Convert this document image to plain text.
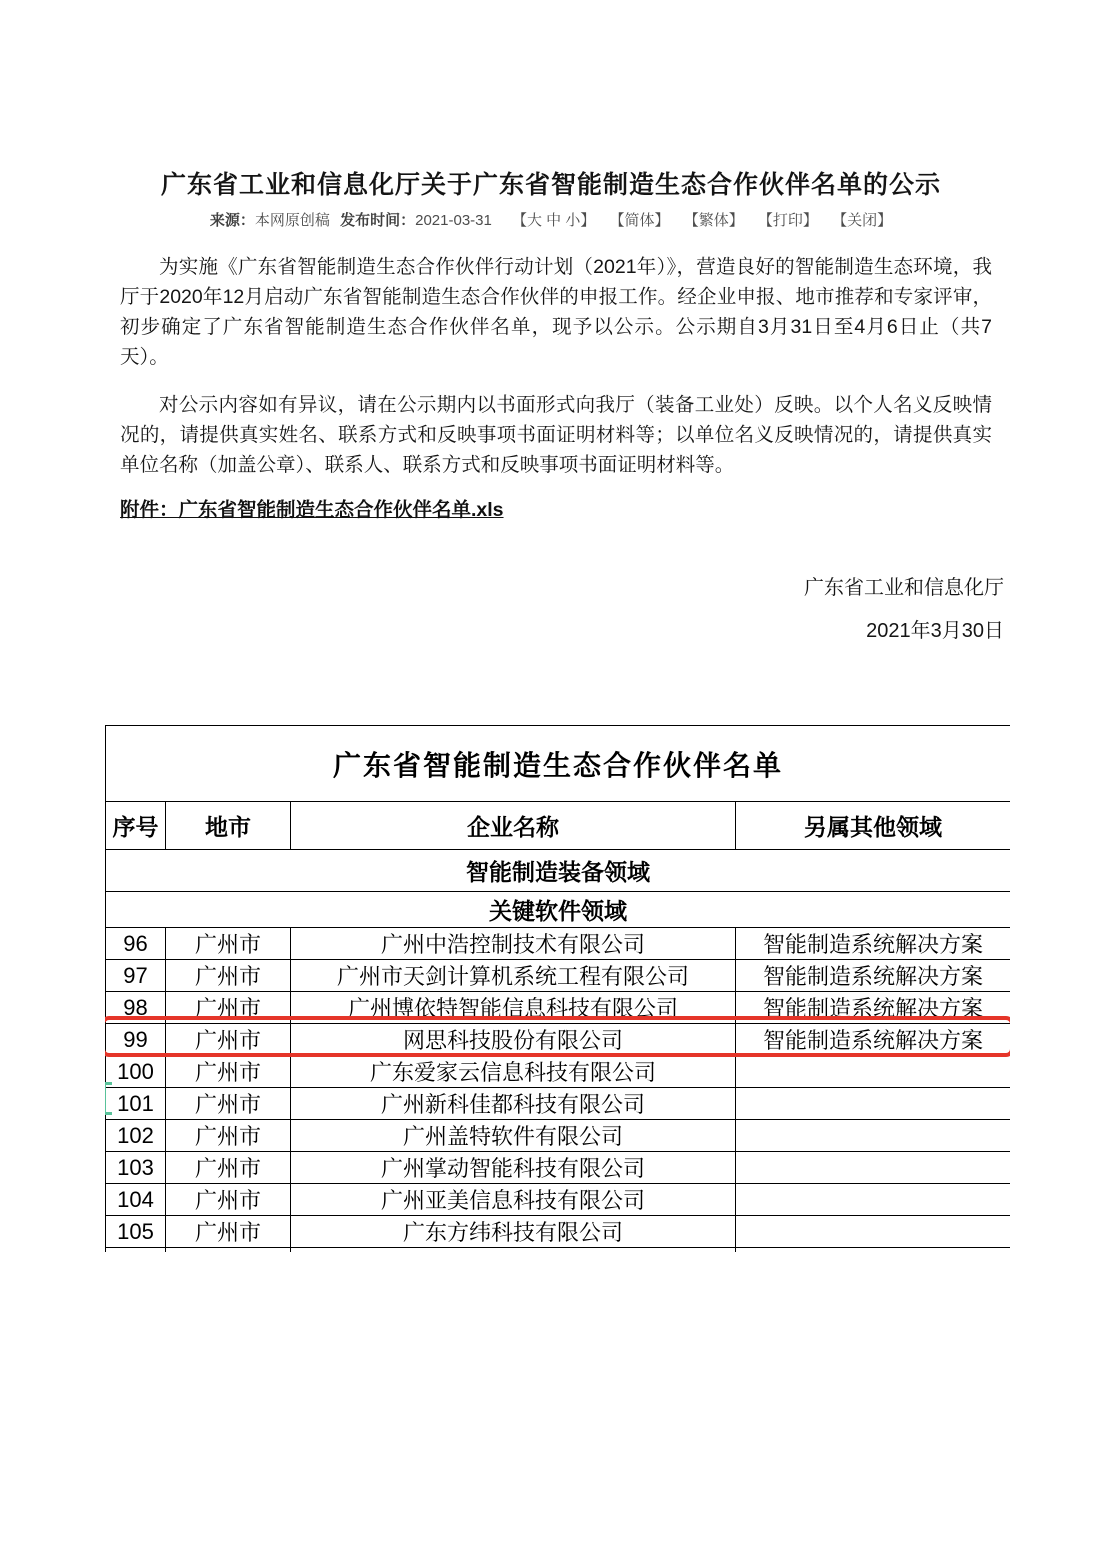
广东省工业和信息化厅关于广东省智能制造生态合作伙伴名单的公示
来源：本网原创稿 发布时间：2021-03-31 【大 中 小】 【简体】 【繁体】 【打印】 【关闭】

为实施《广东省智能制造生态合作伙伴行动计划（2021年）》，营造良好的智能制造生态环境，我厅于2020年12月启动广东省智能制造生态合作伙伴的申报工作。经企业申报、地市推荐和专家评审，初步确定了广东省智能制造生态合作伙伴名单，现予以公示。公示期自3月31日至4月6日止（共7天）。

对公示内容如有异议，请在公示期内以书面形式向我厅（装备工业处）反映。以个人名义反映情况的，请提供真实姓名、联系方式和反映事项书面证明材料等；以单位名义反映情况的，请提供真实单位名称（加盖公章）、联系人、联系方式和反映事项书面证明材料等。

附件：广东省智能制造生态合作伙伴名单.xls
广东省工业和信息化厅
2021年3月30日
广东省智能制造生态合作伙伴名单			
序号	地市	企业名称	另属其他领域
智能制造装备领域			
关键软件领域			
96	广州市	广州中浩控制技术有限公司	智能制造系统解决方案
97	广州市	广州市天剑计算机系统工程有限公司	智能制造系统解决方案
98	广州市	广州博依特智能信息科技有限公司	智能制造系统解决方案
99	广州市	网思科技股份有限公司	智能制造系统解决方案
100	广州市	广东爱家云信息科技有限公司	
101	广州市	广州新科佳都科技有限公司	
102	广州市	广州盖特软件有限公司	
103	广州市	广州掌动智能科技有限公司	
104	广州市	广州亚美信息科技有限公司	
105	广州市	广东方纬科技有限公司	
